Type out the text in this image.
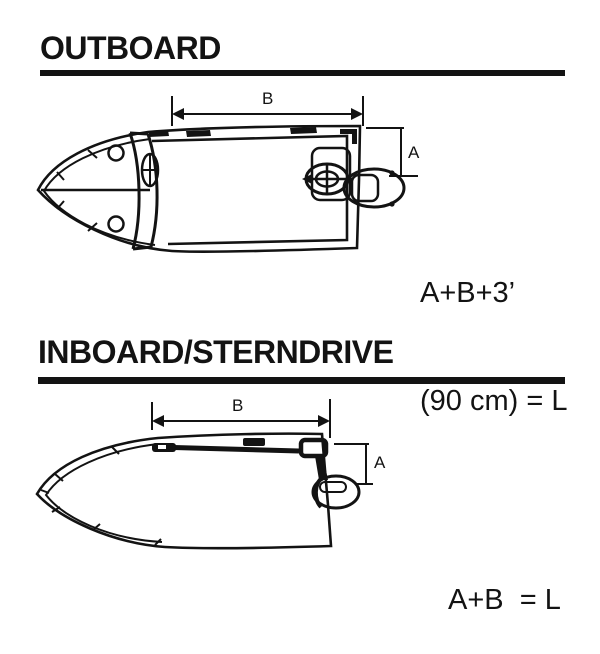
OUTBOARD
B
A

A+B+3’

(90 cm) = L

INBOARD/STERNDRIVE
B
A

A+B  = L
